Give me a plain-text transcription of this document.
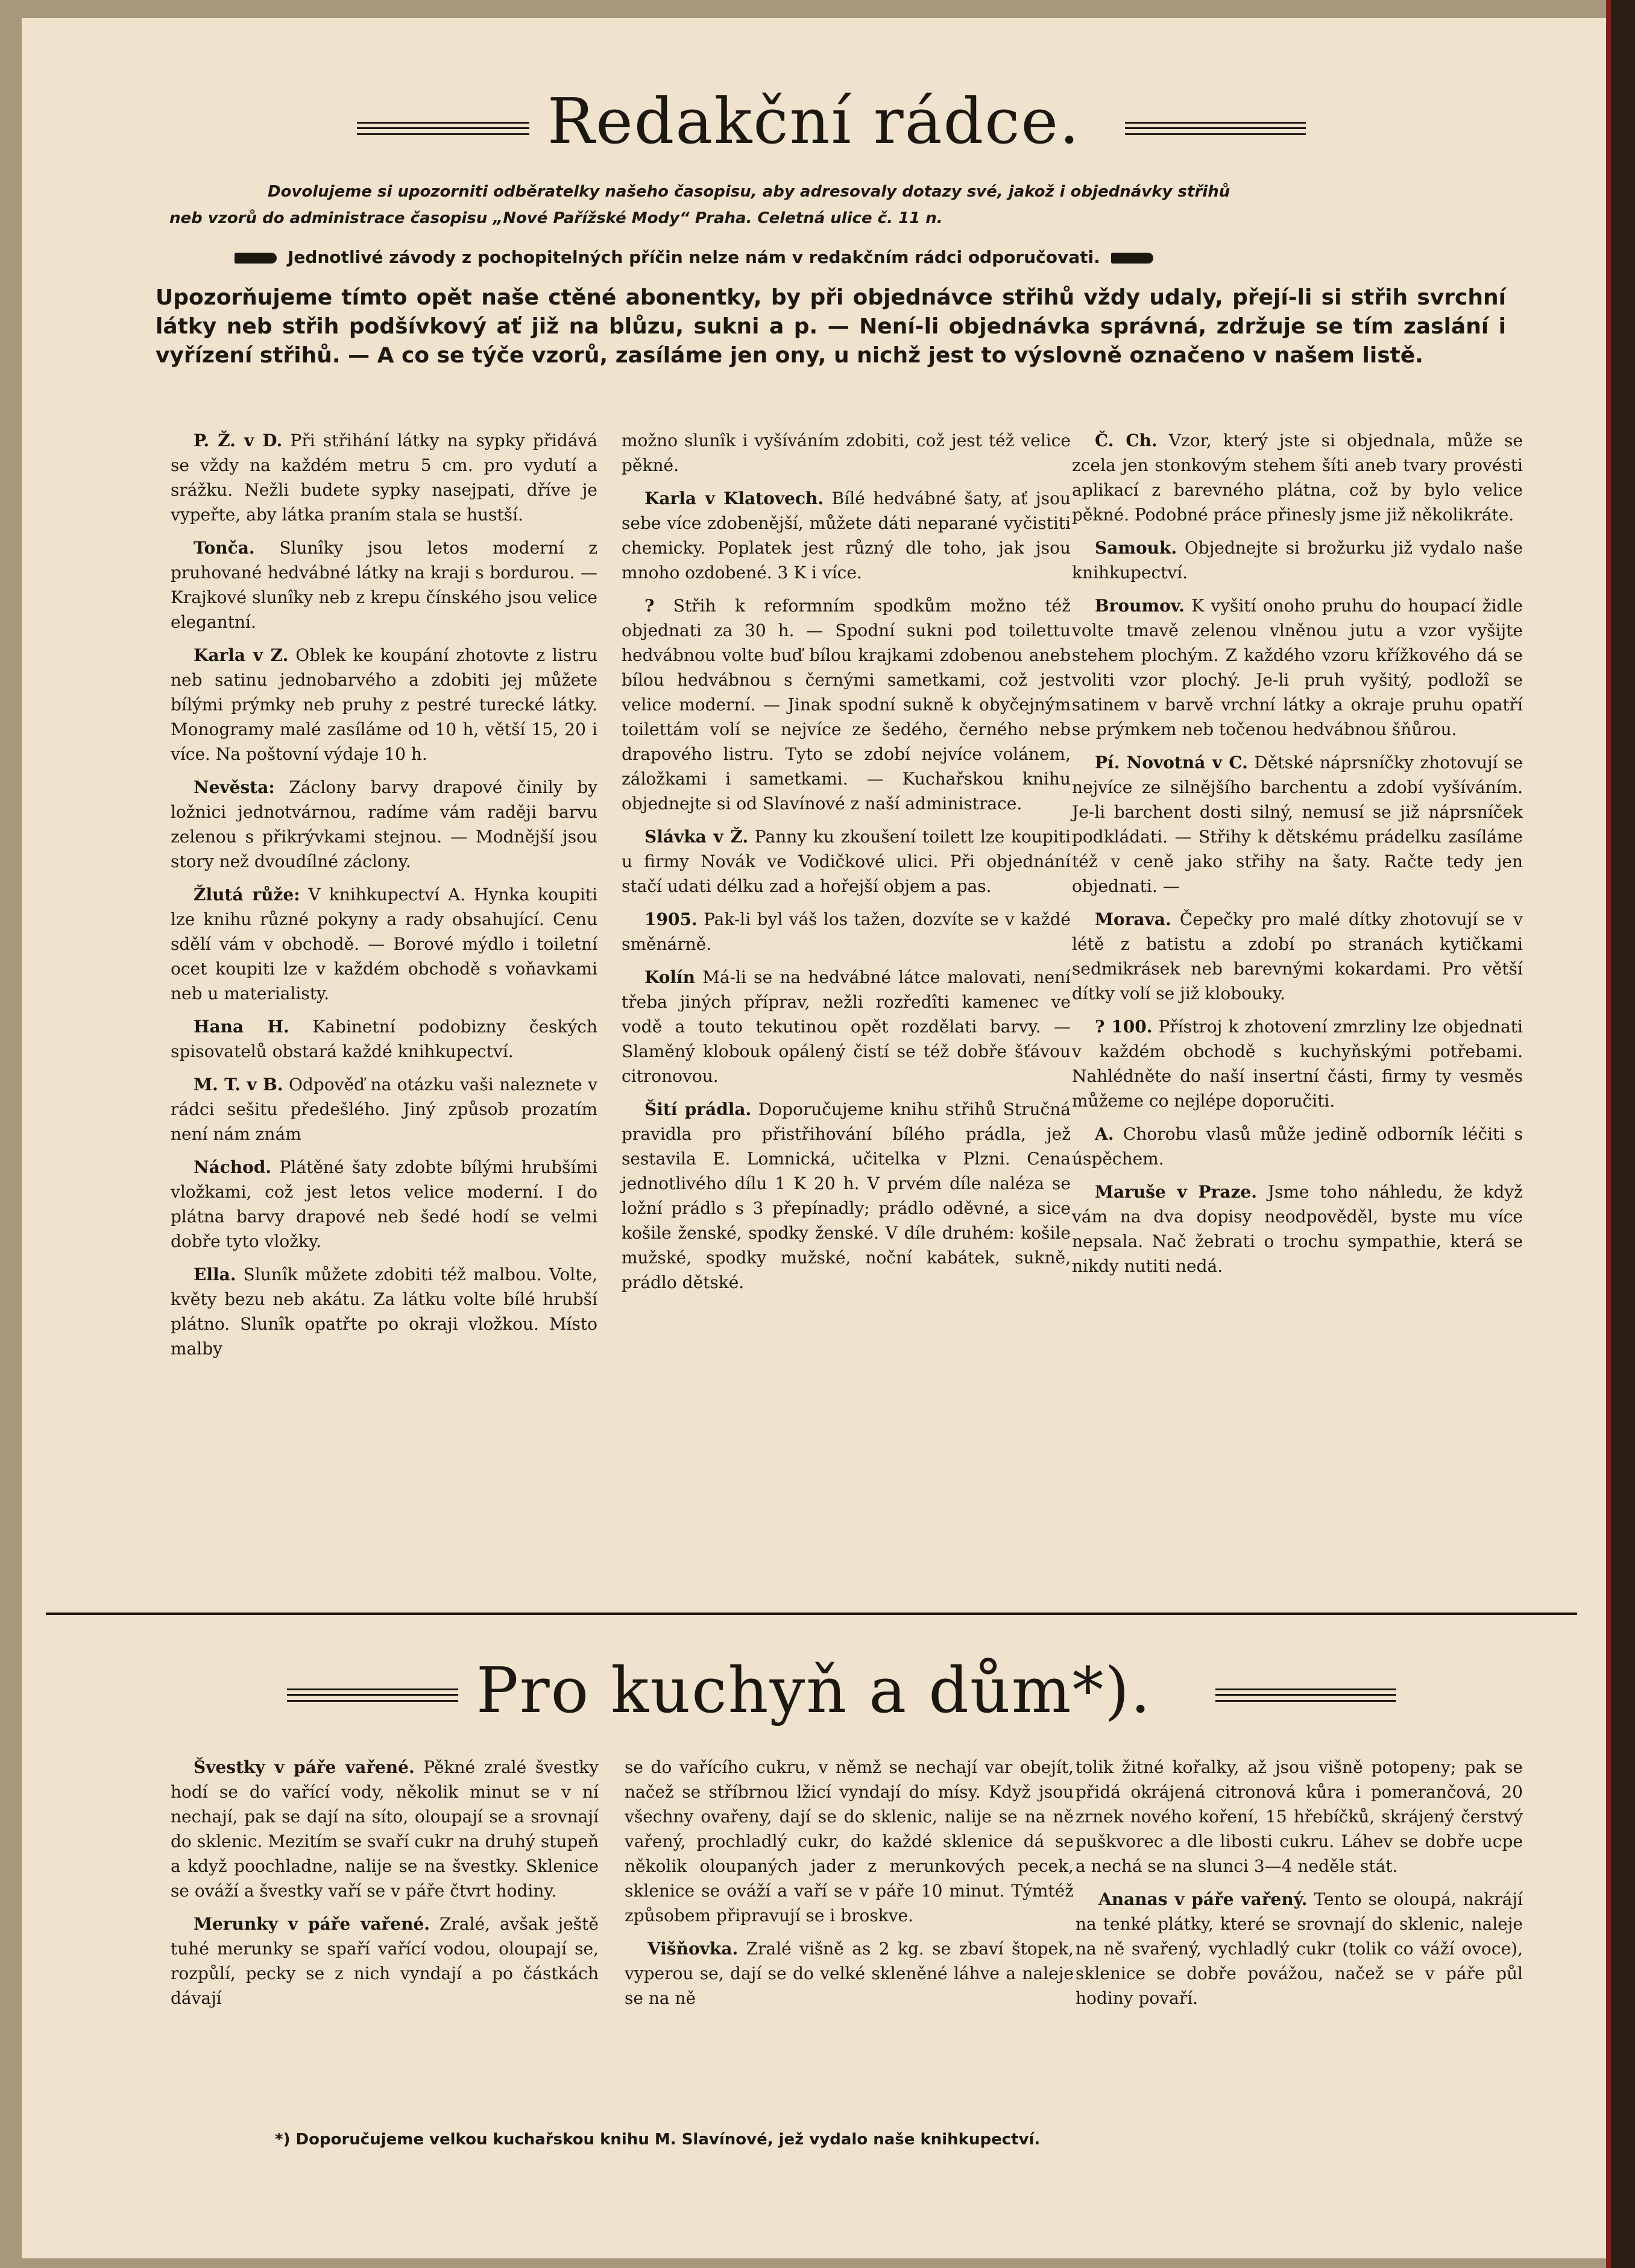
Redakční rádce.
Dovolujeme si upozorniti odběratelky našeho časopisu, aby adresovaly dotazy své, jakož i objednávky střihů
neb vzorů do administrace časopisu „Nové Pařížské Mody“ Praha. Celetná ulice č. 11 n.
Jednotlivé závody z pochopitelných příčin nelze nám v redakčním rádci odporučovati.
Upozorňujeme tímto opět naše ctěné abonentky, by při objednávce střihů vždy udaly, přejí-li si střih svrchní látky neb střih podšívkový ať již na blůzu, sukni a p. — Není-li objednávka správná, zdržuje se tím zaslání i vyřízení střihů. — A co se týče vzorů, zasíláme jen ony, u nichž jest to výslovně označeno v našem listě.

P. Ž. v D. Při střihání látky na sypky přidává se vždy na každém metru 5 cm. pro vydutí a srážku. Nežli budete sypky nasejpati, dříve je vypeřte, aby látka praním stala se hustší.

Tonča. Slunîky jsou letos moderní z pruhované hedvábné látky na kraji s bordurou. — Krajkové slunîky neb z krepu čínského jsou velice elegantní.

Karla v Z. Oblek ke koupání zhotovte z listru neb satinu jednobarvého a zdobiti jej můžete bílými prýmky neb pruhy z pestré turecké látky. Monogramy malé zasíláme od 10 h, větší 15, 20 i více. Na poštovní výdaje 10 h.

Nevěsta: Záclony barvy drapové činily by ložnici jednotvárnou, radíme vám raději barvu zelenou s přikrývkami stejnou. — Modnější jsou story než dvoudílné záclony.

Žlutá růže: V knihkupectví A. Hynka koupiti lze knihu různé pokyny a rady obsahující. Cenu sdělí vám v obchodě. — Borové mýdlo i toiletní ocet koupiti lze v každém obchodě s voňavkami neb u materialisty.

Hana H. Kabinetní podobizny českých spisovatelů obstará každé knihkupectví.

M. T. v B. Odpověď na otázku vaši naleznete v rádci sešitu předešlého. Jiný způsob prozatím není nám znám

Náchod. Plátěné šaty zdobte bílými hrubšími vložkami, což jest letos velice moderní. I do plátna barvy drapové neb šedé hodí se velmi dobře tyto vložky.

Ella. Slunîk můžete zdobiti též malbou. Volte, květy bezu neb akátu. Za látku volte bílé hrubší plátno. Slunîk opatřte po okraji vložkou. Místo malby

možno slunîk i vyšíváním zdobiti, což jest též velice pěkné.

Karla v Klatovech. Bílé hedvábné šaty, ať jsou sebe více zdobenější, můžete dáti neparané vyčistiti chemicky. Poplatek jest různý dle toho, jak jsou mnoho ozdobené. 3 K i více.

? Střih k reformním spodkům možno též objednati za 30 h. — Spodní sukni pod toilettu hedvábnou volte buď bílou krajkami zdobenou aneb bílou hedvábnou s černými sametkami, což jest velice moderní. — Jinak spodní sukně k obyčejným toilettám volí se nejvíce ze šedého, černého neb drapového listru. Tyto se zdobí nejvíce volánem, záložkami i sametkami. — Kuchařskou knihu objednejte si od Slavínové z naší administrace.

Slávka v Ž. Panny ku zkoušení toilett lze koupiti u firmy Novák ve Vodičkové ulici. Při objednání stačí udati délku zad a hořejší objem a pas.

1905. Pak-li byl váš los tažen, dozvíte se v každé směnárně.

Kolín Má-li se na hedvábné látce malovati, není třeba jiných příprav, nežli rozředîti kamenec ve vodě a touto tekutinou opět rozdělati barvy. — Slaměný klobouk opálený čistí se též dobře šťávou citronovou.

Šití prádla. Doporučujeme knihu střihů Stručná pravidla pro přistřihování bílého prádla, jež sestavila E. Lomnická, učitelka v Plzni. Cena jednotlivého dílu 1 K 20 h. V prvém díle naléza se ložní prádlo s 3 přepínadly; prádlo oděvné, a sice košile ženské, spodky ženské. V díle druhém: košile mužské, spodky mužské, noční kabátek, sukně, prádlo dětské.

Č. Ch. Vzor, který jste si objednala, může se zcela jen stonkovým stehem šíti aneb tvary provésti aplikací z barevného plátna, což by bylo velice pěkné. Podobné práce přinesly jsme již několikráte.

Samouk. Objednejte si brožurku již vydalo naše knihkupectví.

Broumov. K vyšití onoho pruhu do houpací židle volte tmavě zelenou vlněnou jutu a vzor vyšijte stehem plochým. Z každého vzoru křížkového dá se voliti vzor plochý. Je-li pruh vyšitý, podložî se satinem v barvě vrchní látky a okraje pruhu opatří se prýmkem neb točenou hedvábnou šňůrou.

Pí. Novotná v C. Dětské náprsníčky zhotovují se nejvíce ze silnějšího barchentu a zdobí vyšíváním. Je-li barchent dosti silný, nemusí se již náprsníček podkládati. — Střihy k dětskému prádelku zasíláme též v ceně jako střihy na šaty. Račte tedy jen objednati. —

Morava. Čepečky pro malé dítky zhotovují se v létě z batistu a zdobí po stranách kytičkami sedmikrásek neb barevnými kokardami. Pro větší dítky volí se již klobouky.

? 100. Přístroj k zhotovení zmrzliny lze objednati v každém obchodě s kuchyňskými potřebami. Nahlédněte do naší insertní části, firmy ty vesměs můžeme co nejlépe doporučiti.

A. Chorobu vlasů může jedině odborník léčiti s úspěchem.

Maruše v Praze. Jsme toho náhledu, že když vám na dva dopisy neodpověděl, byste mu více nepsala. Nač žebrati o trochu sympathie, která se nikdy nutiti nedá.

Pro kuchyň a dům*).

Švestky v páře vařené. Pěkné zralé švestky hodí se do vařící vody, několik minut se v ní nechají, pak se dají na síto, oloupají se a srovnají do sklenic. Mezitím se svaří cukr na druhý stupeň a když poochladne, nalije se na švestky. Sklenice se ováží a švestky vaří se v páře čtvrt hodiny.

Merunky v páře vařené. Zralé, avšak ještě tuhé merunky se spaří vařící vodou, oloupají se, rozpůlí, pecky se z nich vyndají a po částkách dávají

se do vařícího cukru, v němž se nechají var obejít, načež se stříbrnou lžicí vyndají do mísy. Když jsou všechny ovařeny, dají se do sklenic, nalije se na ně vařený, prochladlý cukr, do každé sklenice dá se několik oloupaných jader z merunkových pecek, sklenice se ováží a vaří se v páře 10 minut. Týmtéž způsobem připravují se i broskve.

Višňovka. Zralé višně as 2 kg. se zbaví štopek, vyperou se, dají se do velké skleněné láhve a naleje se na ně

tolik žitné kořalky, až jsou višně potopeny; pak se přidá okrájená citronová kůra i pomerančová, 20 zrnek nového koření, 15 hřebíčků, skrájený čerstvý puškvorec a dle libosti cukru. Láhev se dobře ucpe a nechá se na slunci 3—4 neděle stát.

Ananas v páře vařený. Tento se oloupá, nakrájí na tenké plátky, které se srovnají do sklenic, naleje na ně svařený, vychladlý cukr (tolik co váží ovoce), sklenice se dobře povážou, načež se v páře půl hodiny povaří.

*) Doporučujeme velkou kuchařskou knihu M. Slavínové, jež vydalo naše knihkupectví.
